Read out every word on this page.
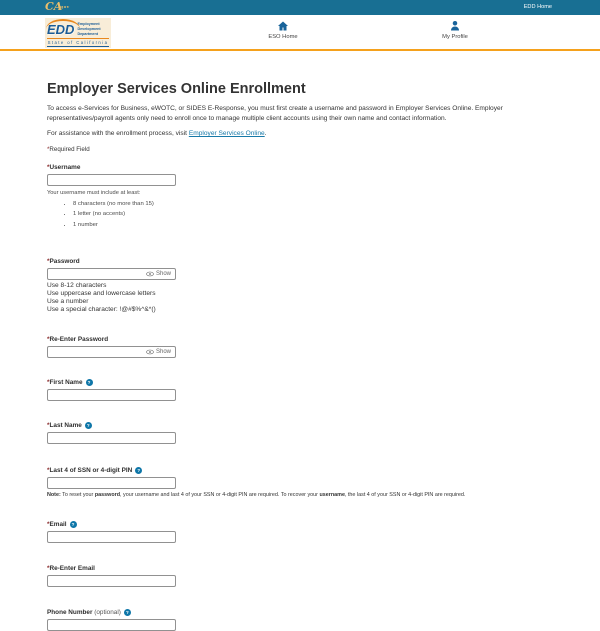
CAgov	EDD Home
EDD Employment
Development
Department
State of California
ESO Home	My Profile
Employer Services Online Enrollment
To access e-Services for Business, eWOTC, or SIDES E-Response, you must first create a username and password in Employer Services Online. Employer representatives/payroll agents only need to enroll once to manage multiple client accounts using their own name and contact information.
For assistance with the enrollment process, visit Employer Services Online.
*Required Field
*Username
Your username must include at least:
• 8 characters (no more than 15)
• 1 letter (no accents)
• 1 number
*Password
Show
Use 8-12 characters
Use uppercase and lowercase letters
Use a number
Use a special character: !@#$%^&*()
*Re-Enter Password
Show
*First Name	?
*Last Name	?
*Last 4 of SSN or 4-digit PIN	?
Note: To reset your password, your username and last 4 of your SSN or 4-digit PIN are required. To recover your username, the last 4 of your SSN or 4-digit PIN are required.
*Email	?
*Re-Enter Email
Phone Number (optional)	?
